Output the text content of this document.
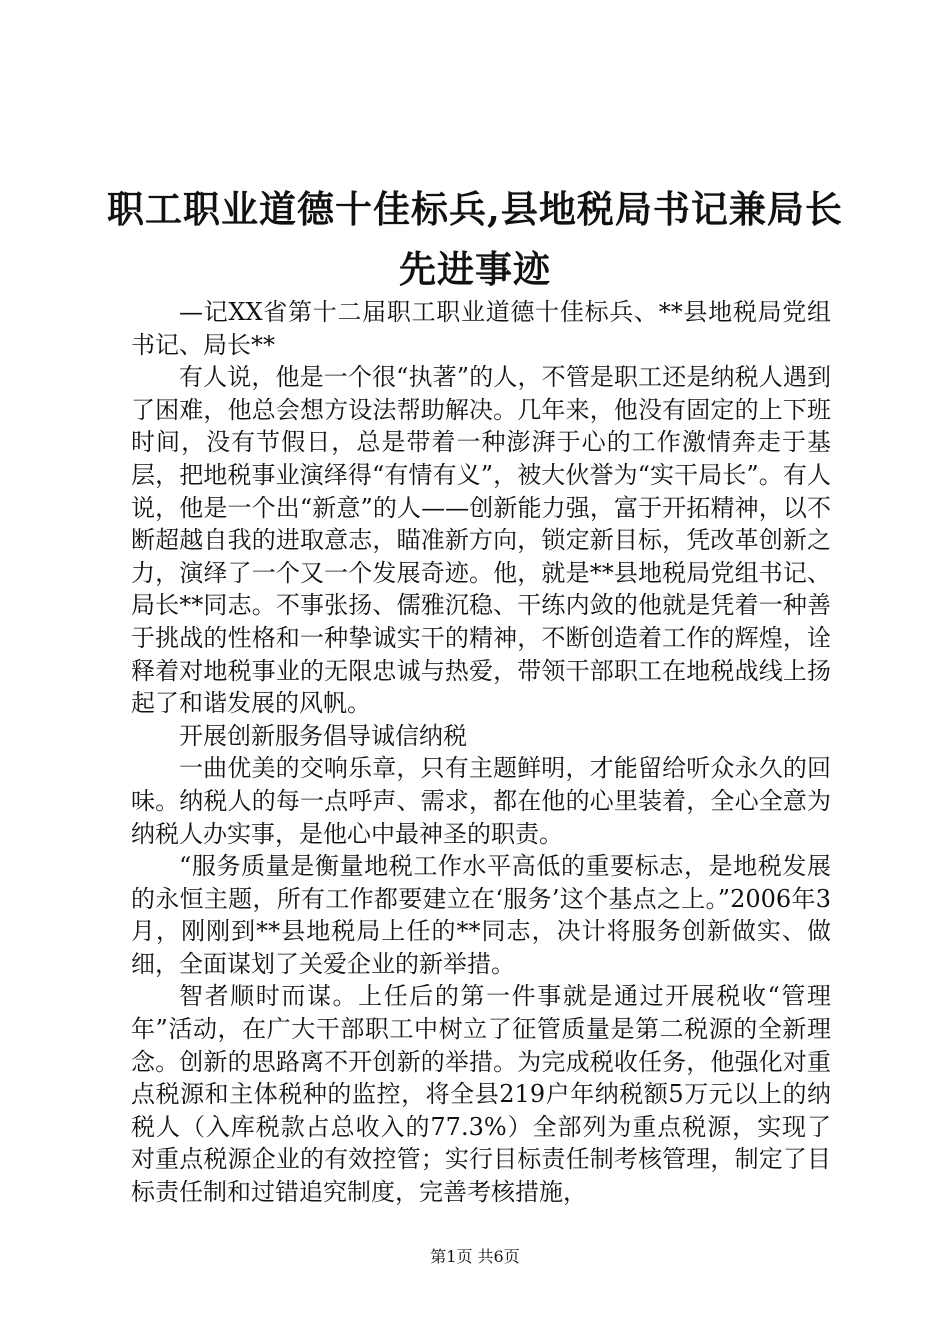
职工职业道德十佳标兵,县地税局书记兼局长
先进事迹

—记XX省第十二届职工职业道德十佳标兵、**县地税局党组书记、局长**

有人说，他是一个很“执著”的人，不管是职工还是纳税人遇到了困难，他总会想方设法帮助解决。几年来，他没有固定的上下班时间，没有节假日，总是带着一种澎湃于心的工作激情奔走于基层，把地税事业演绎得“有情有义”，被大伙誉为“实干局长”。有人说，他是一个出“新意”的人——创新能力强，富于开拓精神，以不断超越自我的进取意志，瞄准新方向，锁定新目标，凭改革创新之力，演绎了一个又一个发展奇迹。他，就是**县地税局党组书记、局长**同志。不事张扬、儒雅沉稳、干练内敛的他就是凭着一种善于挑战的性格和一种挚诚实干的精神，不断创造着工作的辉煌，诠释着对地税事业的无限忠诚与热爱，带领干部职工在地税战线上扬起了和谐发展的风帆。

开展创新服务倡导诚信纳税

一曲优美的交响乐章，只有主题鲜明，才能留给听众永久的回味。纳税人的每一点呼声、需求，都在他的心里装着，全心全意为纳税人办实事，是他心中最神圣的职责。

“服务质量是衡量地税工作水平高低的重要标志，是地税发展的永恒主题，所有工作都要建立在‘服务’这个基点之上。”2006年3月，刚刚到**县地税局上任的**同志，决计将服务创新做实、做细，全面谋划了关爱企业的新举措。

智者顺时而谋。上任后的第一件事就是通过开展税收“管理年”活动，在广大干部职工中树立了征管质量是第二税源的全新理念。创新的思路离不开创新的举措。为完成税收任务，他强化对重点税源和主体税种的监控，将全县219户年纳税额5万元以上的纳税人（入库税款占总收入的77.3%）全部列为重点税源，实现了对重点税源企业的有效控管；实行目标责任制考核管理，制定了目标责任制和过错追究制度，完善考核措施，

第1页 共6页
